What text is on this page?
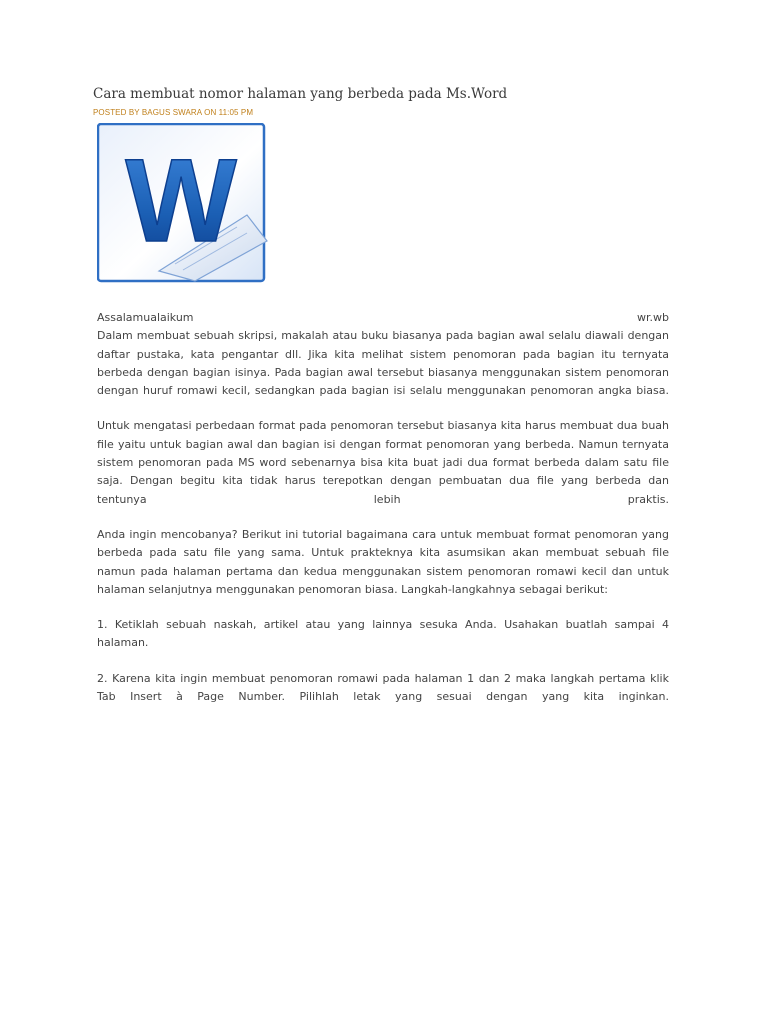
Cara membuat nomor halaman yang berbeda pada Ms.Word
POSTED BY BAGUS SWARA ON 11:05 PM
W

Assalamualaikum	wr.wb

Dalam membuat sebuah skripsi, makalah atau buku biasanya pada bagian awal selalu diawali dengan daftar pustaka, kata pengantar dll. Jika kita melihat sistem penomoran pada bagian itu ternyata berbeda dengan bagian isinya. Pada bagian awal tersebut biasanya menggunakan sistem penomoran dengan huruf romawi kecil, sedangkan pada bagian isi selalu menggunakan penomoran angka biasa.

Untuk mengatasi perbedaan format pada penomoran tersebut biasanya kita harus membuat dua buah file yaitu untuk bagian awal dan bagian isi dengan format penomoran yang berbeda. Namun ternyata sistem penomoran pada MS word sebenarnya bisa kita buat jadi dua format berbeda dalam satu file saja. Dengan begitu kita tidak harus terepotkan dengan pembuatan dua file yang berbeda dan tentunya lebih praktis.

Anda ingin mencobanya? Berikut ini tutorial bagaimana cara untuk membuat format penomoran yang berbeda pada satu file yang sama. Untuk prakteknya kita asumsikan akan membuat sebuah file namun pada halaman pertama dan kedua menggunakan sistem penomoran romawi kecil dan untuk halaman selanjutnya menggunakan penomoran biasa. Langkah-langkahnya sebagai berikut:

1. Ketiklah sebuah naskah, artikel atau yang lainnya sesuka Anda. Usahakan buatlah sampai 4 halaman.

2. Karena kita ingin membuat penomoran romawi pada halaman 1 dan 2 maka langkah pertama klik Tab Insert à Page Number. Pilihlah letak yang sesuai dengan yang kita inginkan.
